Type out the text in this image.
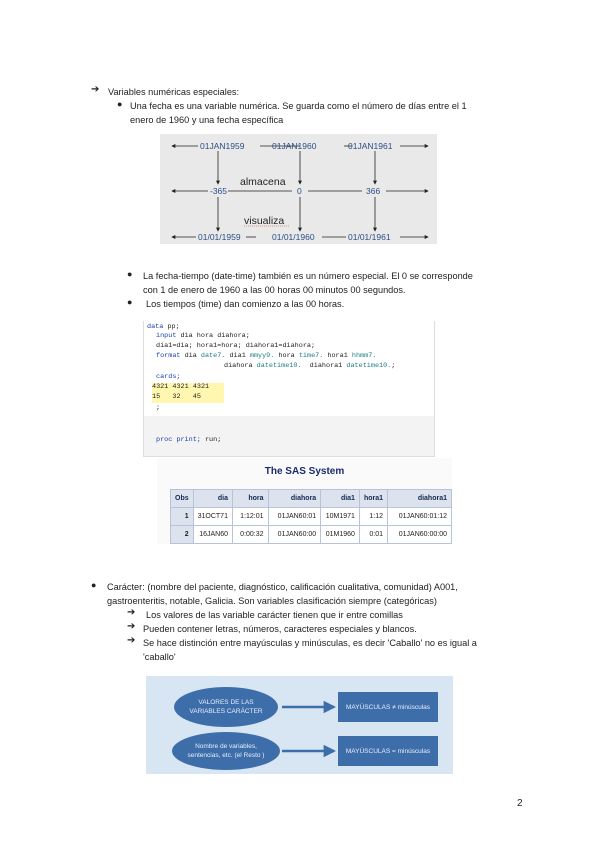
➔ Variables numéricas especiales:
● Una fecha es una variable numérica. Se guarda como el número de días entre el 1
enero de 1960 y una fecha específica
01JAN1959	01JAN1960	01JAN1961
-365	0	366
almacena
visualiza
01/01/1959	01/01/1960	01/01/1961
● La fecha-tiempo (date-time) también es un número especial. El 0 se corresponde
con 1 de enero de 1960 a las 00 horas 00 minutos 00 segundos.
● Los tiempos (time) dan comienzo a las 00 horas.
data pp;
input dia hora diahora;
dia1=dia; hora1=hora; diahora1=diahora;
format dia date7. dia1 mmyy9. hora time7. hora1 hhmm7.
diahora datetime10.  diahora1 datetime10.;
cards;
4321 4321 4321
15   32   45
;
proc print; run;
The SAS System
Obs	dia	hora	diahora	dia1	hora1	diahora1
1	31OCT71	1:12:01	01JAN60:01	10M1971	1:12	01JAN60:01:12
2	16JAN60	0:00:32	01JAN60:00	01M1960	0:01	01JAN60:00:00
● Carácter: (nombre del paciente, diagnóstico, calificación cualitativa, comunidad) A001,
gastroenteritis, notable, Galicia. Son variables clasificación siempre (categóricas)
➔ Los valores de las variable carácter tienen que ir entre comillas
➔ Pueden contener letras, números, caracteres especiales y blancos.
➔ Se hace distinción entre mayúsculas y minúsculas, es decir 'Caballo' no es igual a
'caballo'
VALORES DE LAS
VARIABLES CARÁCTER
Nombre de variables,
sentencias, etc. (el Resto )
MAYÚSCULAS ≠ minúsculas
MAYÚSCULAS = minúsculas
2
